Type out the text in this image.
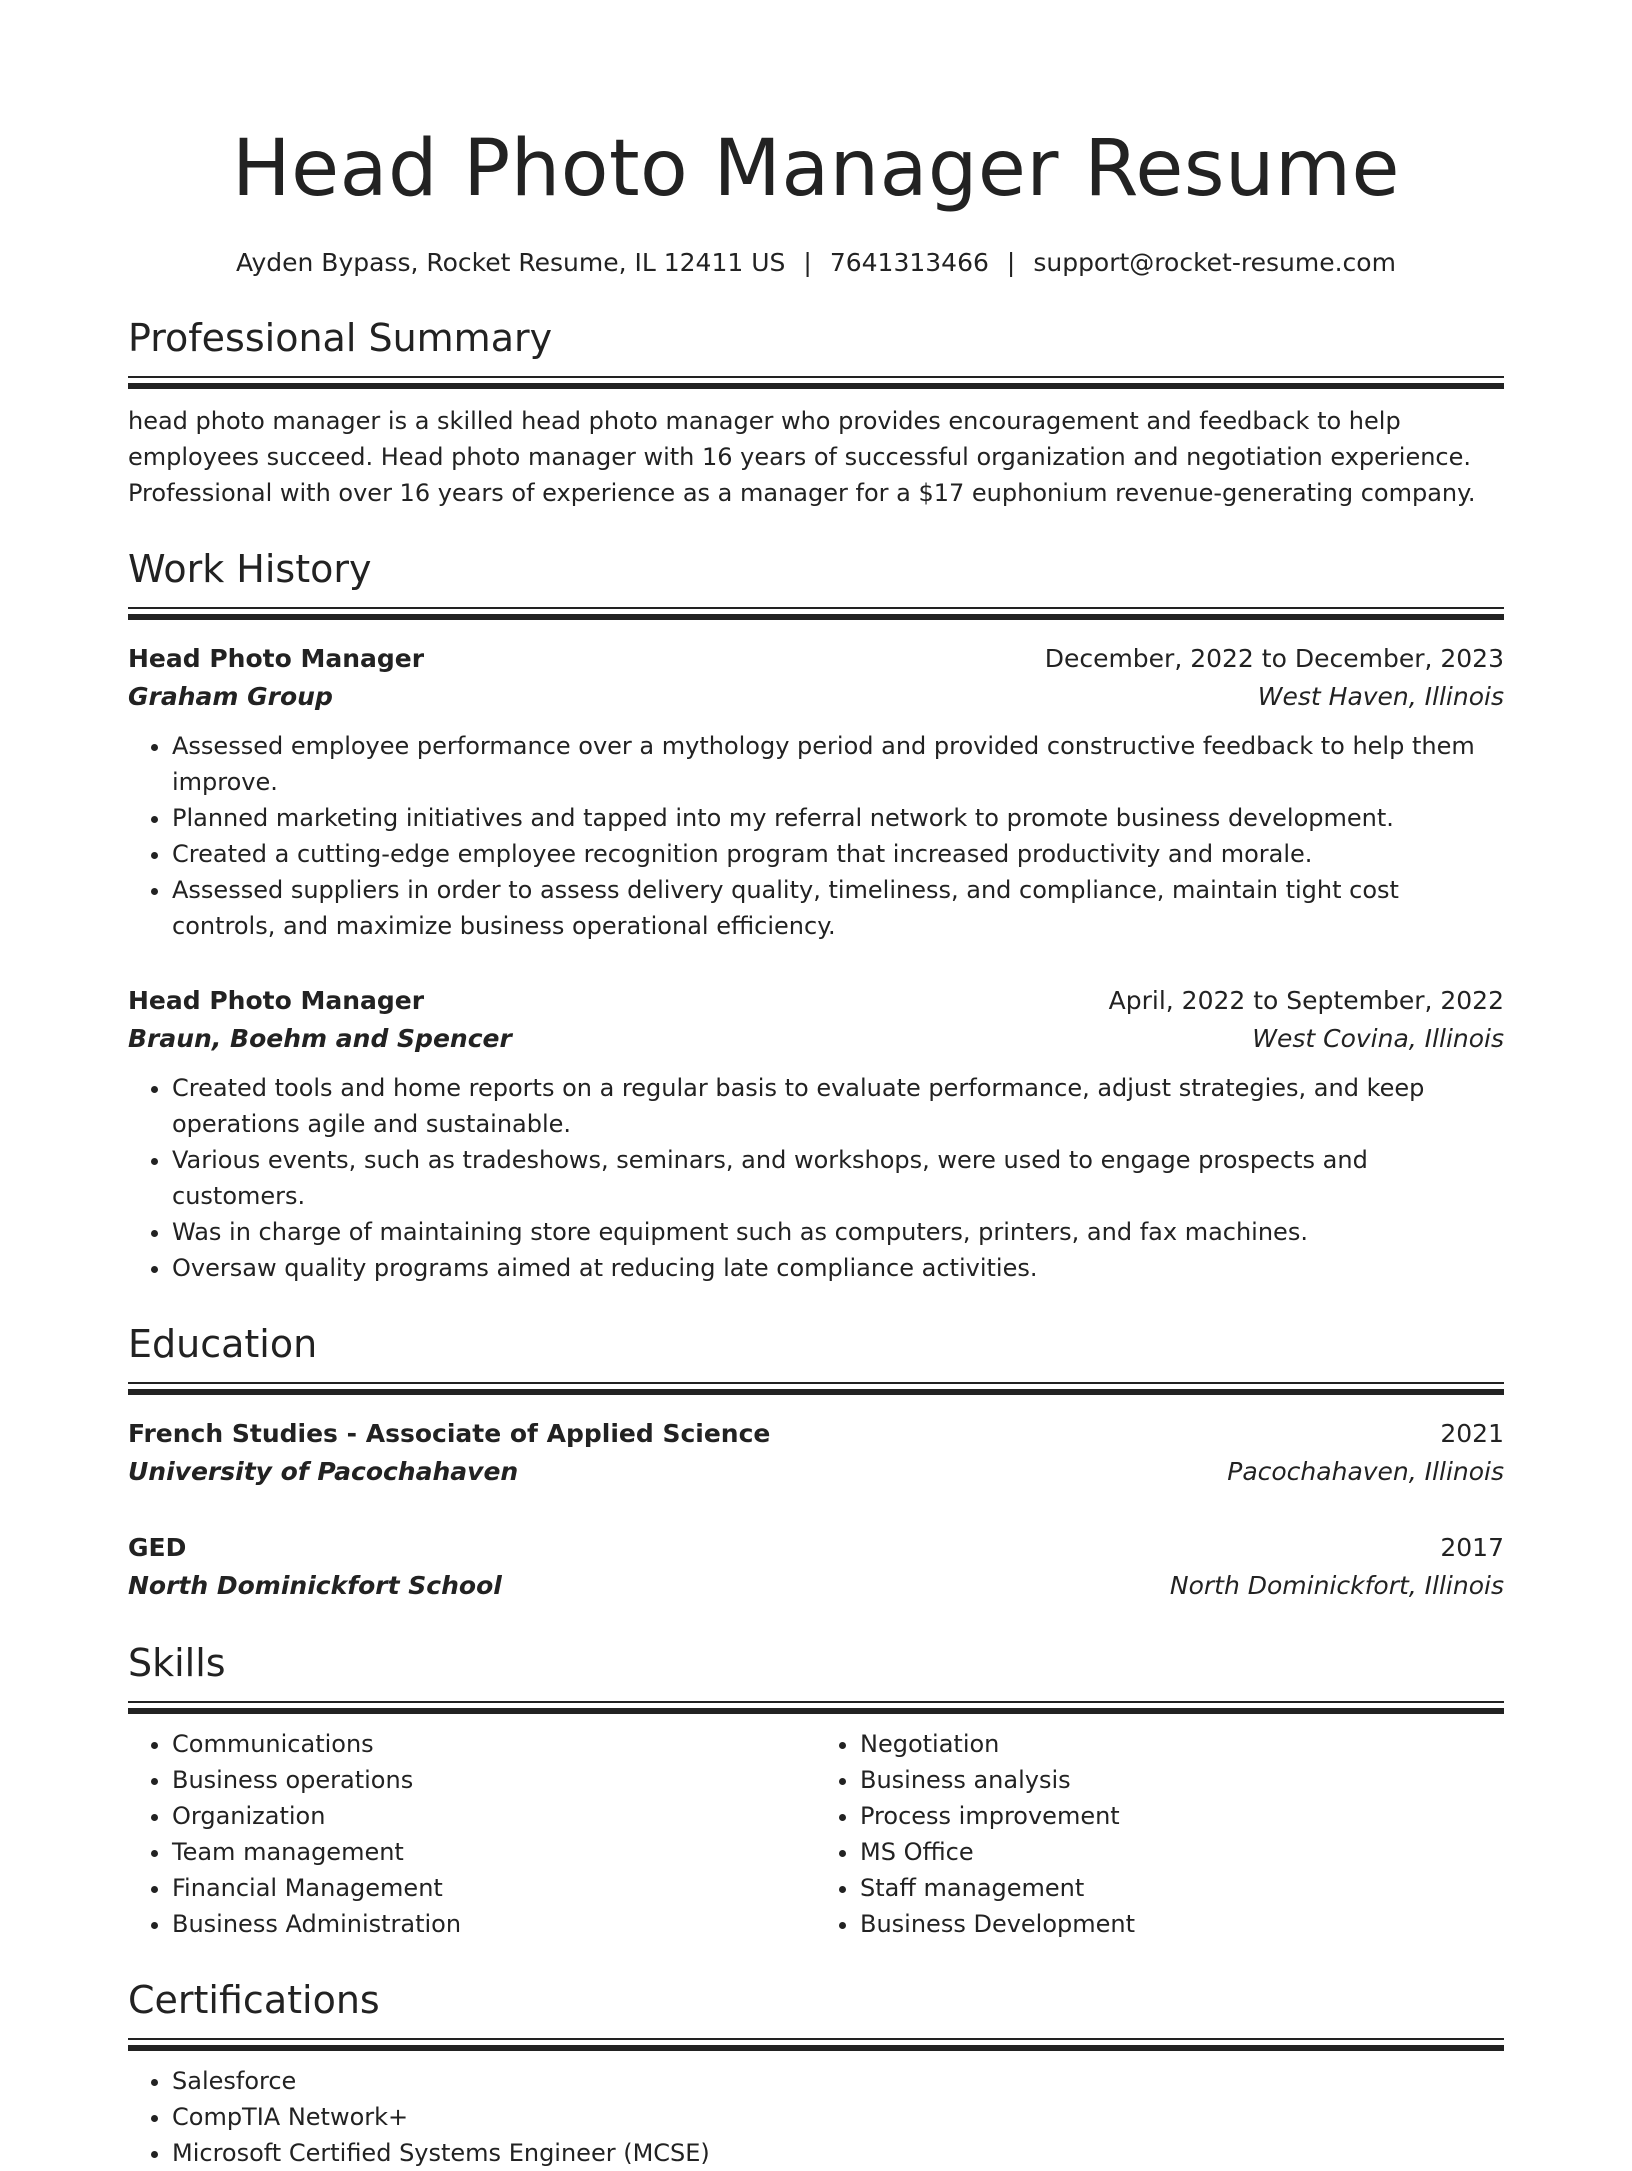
Head Photo Manager Resume
Ayden Bypass, Rocket Resume, IL 12411 US | 7641313466 | support@rocket-resume.com
Professional Summary

head photo manager is a skilled head photo manager who provides encouragement and feedback to help employees succeed. Head photo manager with 16 years of successful organization and negotiation experience. Professional with over 16 years of experience as a manager for a $17 euphonium revenue-generating company.

Work History
Head Photo Manager	December, 2022 to December, 2023
Graham Group	West Haven, Illinois
• Assessed employee performance over a mythology period and provided constructive feedback to help them improve.
• Planned marketing initiatives and tapped into my referral network to promote business development.
• Created a cutting-edge employee recognition program that increased productivity and morale.
• Assessed suppliers in order to assess delivery quality, timeliness, and compliance, maintain tight cost controls, and maximize business operational efficiency.
Head Photo Manager	April, 2022 to September, 2022
Braun, Boehm and Spencer	West Covina, Illinois
• Created tools and home reports on a regular basis to evaluate performance, adjust strategies, and keep operations agile and sustainable.
• Various events, such as tradeshows, seminars, and workshops, were used to engage prospects and customers.
• Was in charge of maintaining store equipment such as computers, printers, and fax machines.
• Oversaw quality programs aimed at reducing late compliance activities.
Education
French Studies - Associate of Applied Science	2021
University of Pacochahaven	Pacochahaven, Illinois
GED	2017
North Dominickfort School	North Dominickfort, Illinois
Skills
• Communications
• Business operations
• Organization
• Team management
• Financial Management
• Business Administration
• Negotiation
• Business analysis
• Process improvement
• MS Office
• Staff management
• Business Development
Certifications
• Salesforce
• CompTIA Network+
• Microsoft Certified Systems Engineer (MCSE)
